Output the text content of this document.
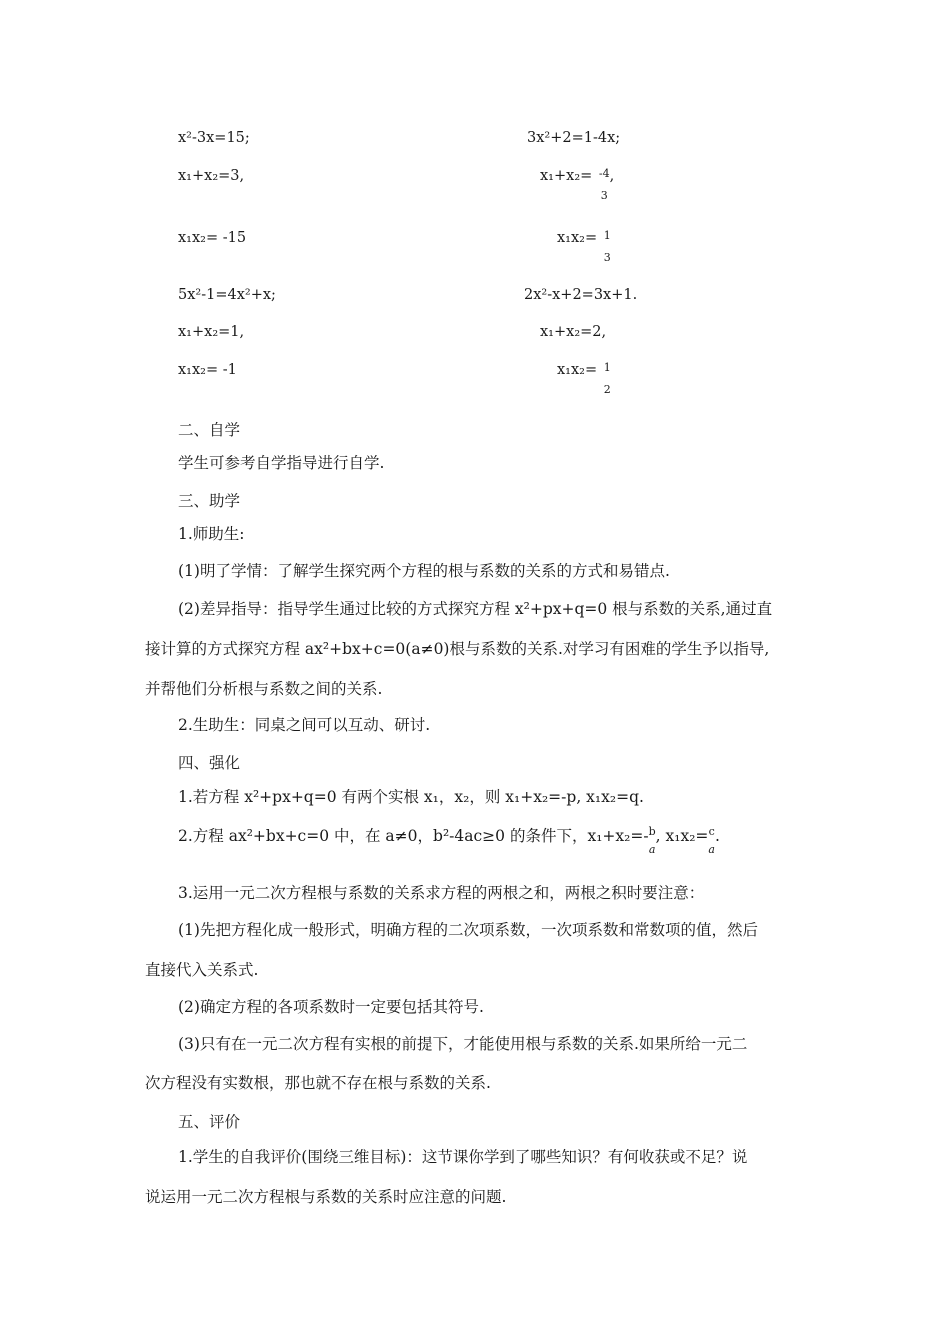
x²-3x=15;
x₁+x₂=3,
x₁x₂= -15
5x²-1=4x²+x;
x₁+x₂=1,
x₁x₂= -1
3x²+2=1-4x;
x₁+x₂= -4
3
,
x₁x₂= 1
3
2x²-x+2=3x+1.
x₁+x₂=2,
x₁x₂= 1
2
二、自学
学生可参考自学指导进行自学.
三、助学
1.师助生:
(1)明了学情：了解学生探究两个方程的根与系数的关系的方式和易错点.
(2)差异指导：指导学生通过比较的方式探究方程 x²+px+q=0 根与系数的关系,通过直
接计算的方式探究方程 ax²+bx+c=0(a≠0)根与系数的关系.对学习有困难的学生予以指导,
并帮他们分析根与系数之间的关系.
2.生助生：同桌之间可以互动、研讨.
四、强化
1.若方程 x²+px+q=0 有两个实根 x₁，x₂，则 x₁+x₂=-p, x₁x₂=q.
2.方程 ax²+bx+c=0 中，在 a≠0，b²-4ac≥0 的条件下，x₁+x₂=- b
a
, x₁x₂= c
a
.
3.运用一元二次方程根与系数的关系求方程的两根之和，两根之积时要注意：
(1)先把方程化成一般形式，明确方程的二次项系数，一次项系数和常数项的值，然后
直接代入关系式.
(2)确定方程的各项系数时一定要包括其符号.
(3)只有在一元二次方程有实根的前提下，才能使用根与系数的关系.如果所给一元二
次方程没有实数根，那也就不存在根与系数的关系.
五、评价
1.学生的自我评价(围绕三维目标)：这节课你学到了哪些知识？有何收获或不足？说
说运用一元二次方程根与系数的关系时应注意的问题.
